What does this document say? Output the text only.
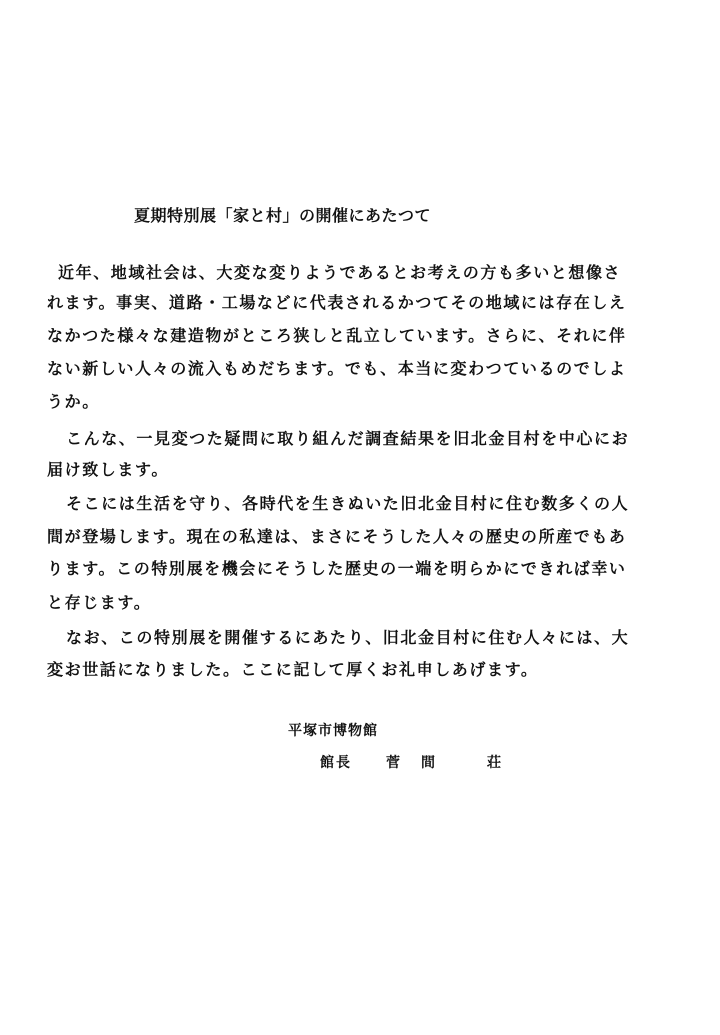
夏期特別展「家と村」の開催にあたつて
近年、地域社会は、大変な変りようであるとお考えの方も多いと想像さ
れます。事実、道路・工場などに代表されるかつてその地域には存在しえ
なかつた様々な建造物がところ狭しと乱立しています。さらに、それに伴
ない新しい人々の流入もめだちます。でも、本当に変わつているのでしよ
うか。
こんな、一見変つた疑問に取り組んだ調査結果を旧北金目村を中心にお
届け致します。
そこには生活を守り、各時代を生きぬいた旧北金目村に住む数多くの人
間が登場します。現在の私達は、まさにそうした人々の歴史の所産でもあ
ります。この特別展を機会にそうした歴史の一端を明らかにできれば幸い
と存じます。
なお、この特別展を開催するにあたり、旧北金目村に住む人々には、大
変お世話になりました。ここに記して厚くお礼申しあげます。
平塚市博物館
館長 菅 間	荘
